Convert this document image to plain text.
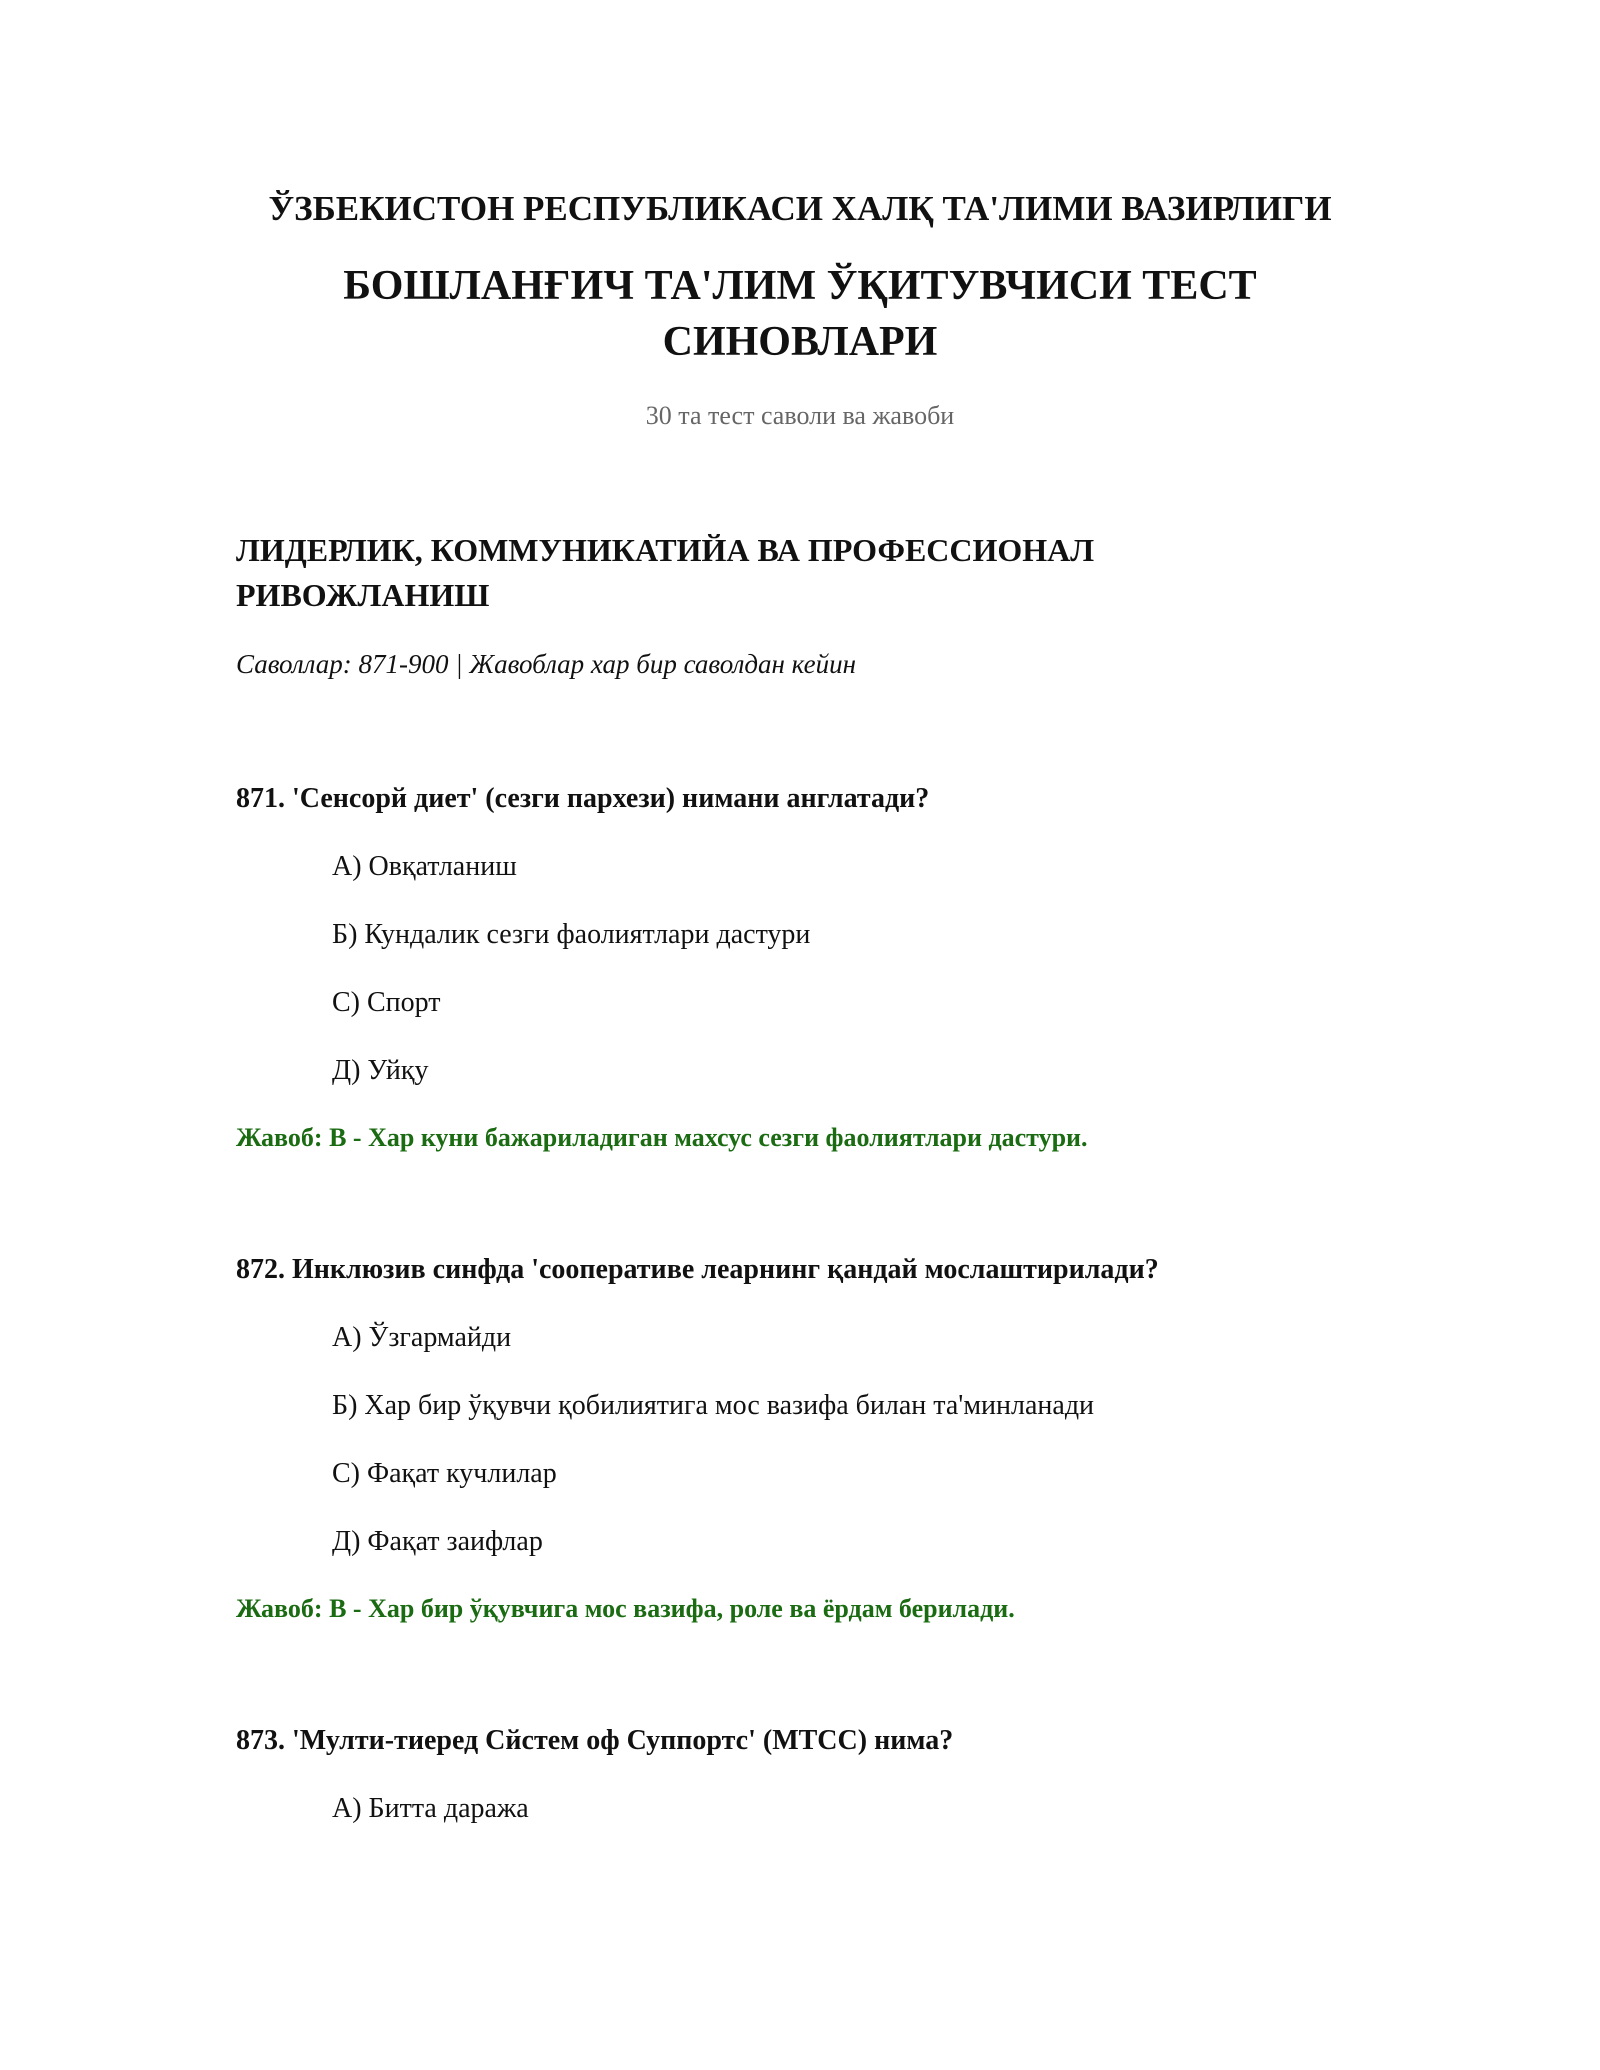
ЎЗБЕКИСТОН РЕСПУБЛИКАСИ ХАЛҚ ТА'ЛИМИ ВАЗИРЛИГИ
БОШЛАНҒИЧ ТА'ЛИМ ЎҚИТУВЧИСИ ТЕСТ СИНОВЛАРИ

30 та тест саволи ва жавоби

ЛИДЕРЛИК, КОММУНИКАТИЙА ВА ПРОФЕССИОНАЛ РИВОЖЛАНИШ

Саволлар: 871-900 | Жавоблар хар бир саволдан кейин

871. 'Сенсорй диет' (сезги пархези) нимани англатади?

А) Овқатланиш

Б) Кундалик сезги фаолиятлари дастури

С) Спорт

Д) Уйқу

Жавоб: В - Хар куни бажариладиган махсус сезги фаолиятлари дастури.

872. Инклюзив синфда 'соoперативе леарнинг қандай мослаштирилади?

А) Ўзгармайди

Б) Хар бир ўқувчи қобилиятига мос вазифа билан та'минланади

С) Фақат кучлилар

Д) Фақат заифлар

Жавоб: В - Хар бир ўқувчига мос вазифа, роле ва ёрдам берилади.

873. 'Мулти-тиеред Сйстем оф Суппортс' (МТСС) нима?

А) Битта даража
